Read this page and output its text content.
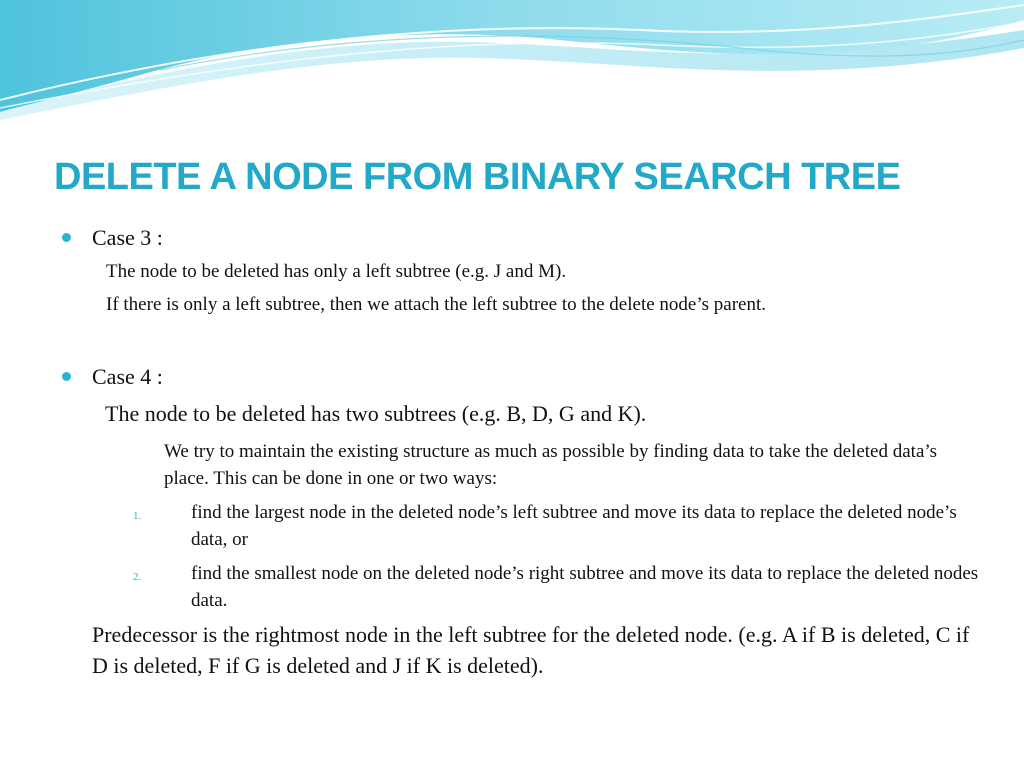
DELETE A NODE FROM BINARY SEARCH TREE
Case 3 :
The node to be deleted has only a left subtree (e.g. J and M).
If there is only a left subtree, then we attach the left subtree to the delete node’s parent.
Case 4 :
The node to be deleted has two subtrees (e.g. B, D, G and K).
We try to maintain the existing structure as much as possible by finding data to take the deleted data’s place. This can be done in one or two ways:
1.	find the largest node in the deleted node’s left subtree and move its data to replace the deleted node’s data, or
2.	find the smallest node on the deleted node’s right subtree and move its data to replace the deleted nodes data.
Predecessor is the rightmost node in the left subtree for the deleted node. (e.g. A if B is deleted, C if D is deleted, F if G is deleted and J if K is deleted).
